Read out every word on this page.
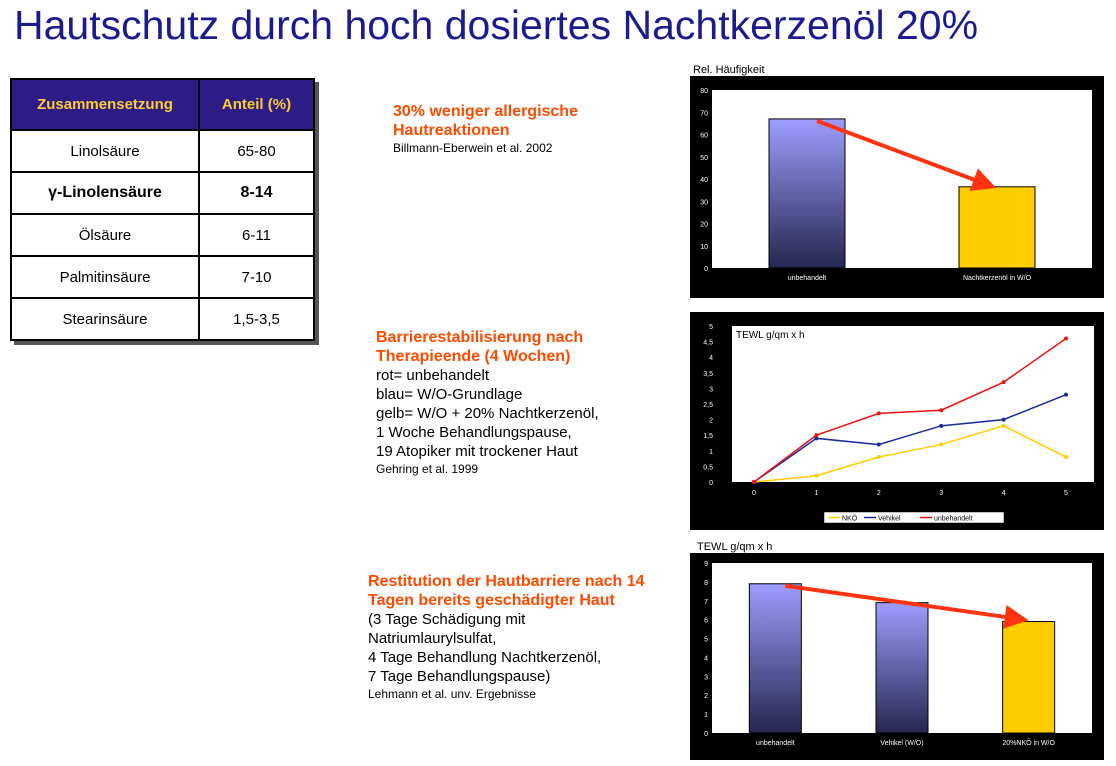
Hautschutz durch hoch dosiertes Nachtkerzenöl 20%
Zusammensetzung	Anteil (%)
Linolsäure	65-80
γ-Linolensäure	8-14
Ölsäure	6-11
Palmitinsäure	7-10
Stearinsäure	1,5-3,5
30% weniger allergische
Hautreaktionen
Billmann-Eberwein et al. 2002
Barrierestabilisierung nach
Therapieende (4 Wochen)
rot= unbehandelt
blau= W/O-Grundlage
gelb= W/O + 20% Nachtkerzenöl,
1 Woche Behandlungspause,
19 Atopiker mit trockener Haut
Gehring et al. 1999
Restitution der Hautbarriere nach 14
Tagen bereits geschädigter Haut
(3 Tage Schädigung mit
Natriumlaurylsulfat,
4 Tage Behandlung Nachtkerzenöl,
7 Tage Behandlungspause)
Lehmann et al. unv. Ergebnisse
Rel. Häufigkeit
0
10
20
30
40
50
60
70
80
unbehandelt	Nachtkerzenöl in W/O
TEWL g/qm x h
0
0,5
1
1,5
2
2,5
3
3,5
4
4,5
5
0	1	2	3	4	5
NKÖ	Vehikel	unbehandelt
TEWL g/qm x h
0
1
2
3
4
5
6
7
8
9
unbehandelt	Vehikel (W/O)	20%NKÖ in W/O
